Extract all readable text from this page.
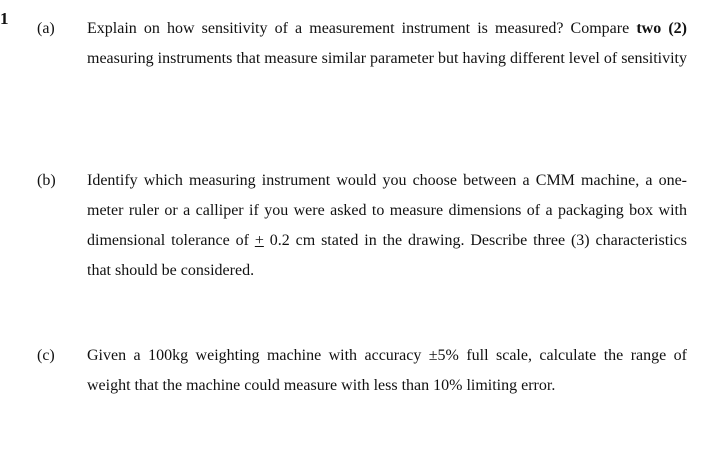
1
(a) Explain on how sensitivity of a measurement instrument is measured? Compare two (2) measuring instruments that measure similar parameter but having different level of sensitivity
(b) Identify which measuring instrument would you choose between a CMM machine, a one-meter ruler or a calliper if you were asked to measure dimensions of a packaging box with dimensional tolerance of + 0.2 cm stated in the drawing. Describe three (3) characteristics that should be considered.
(c) Given a 100kg weighting machine with accuracy ±5% full scale, calculate the range of weight that the machine could measure with less than 10% limiting error.
